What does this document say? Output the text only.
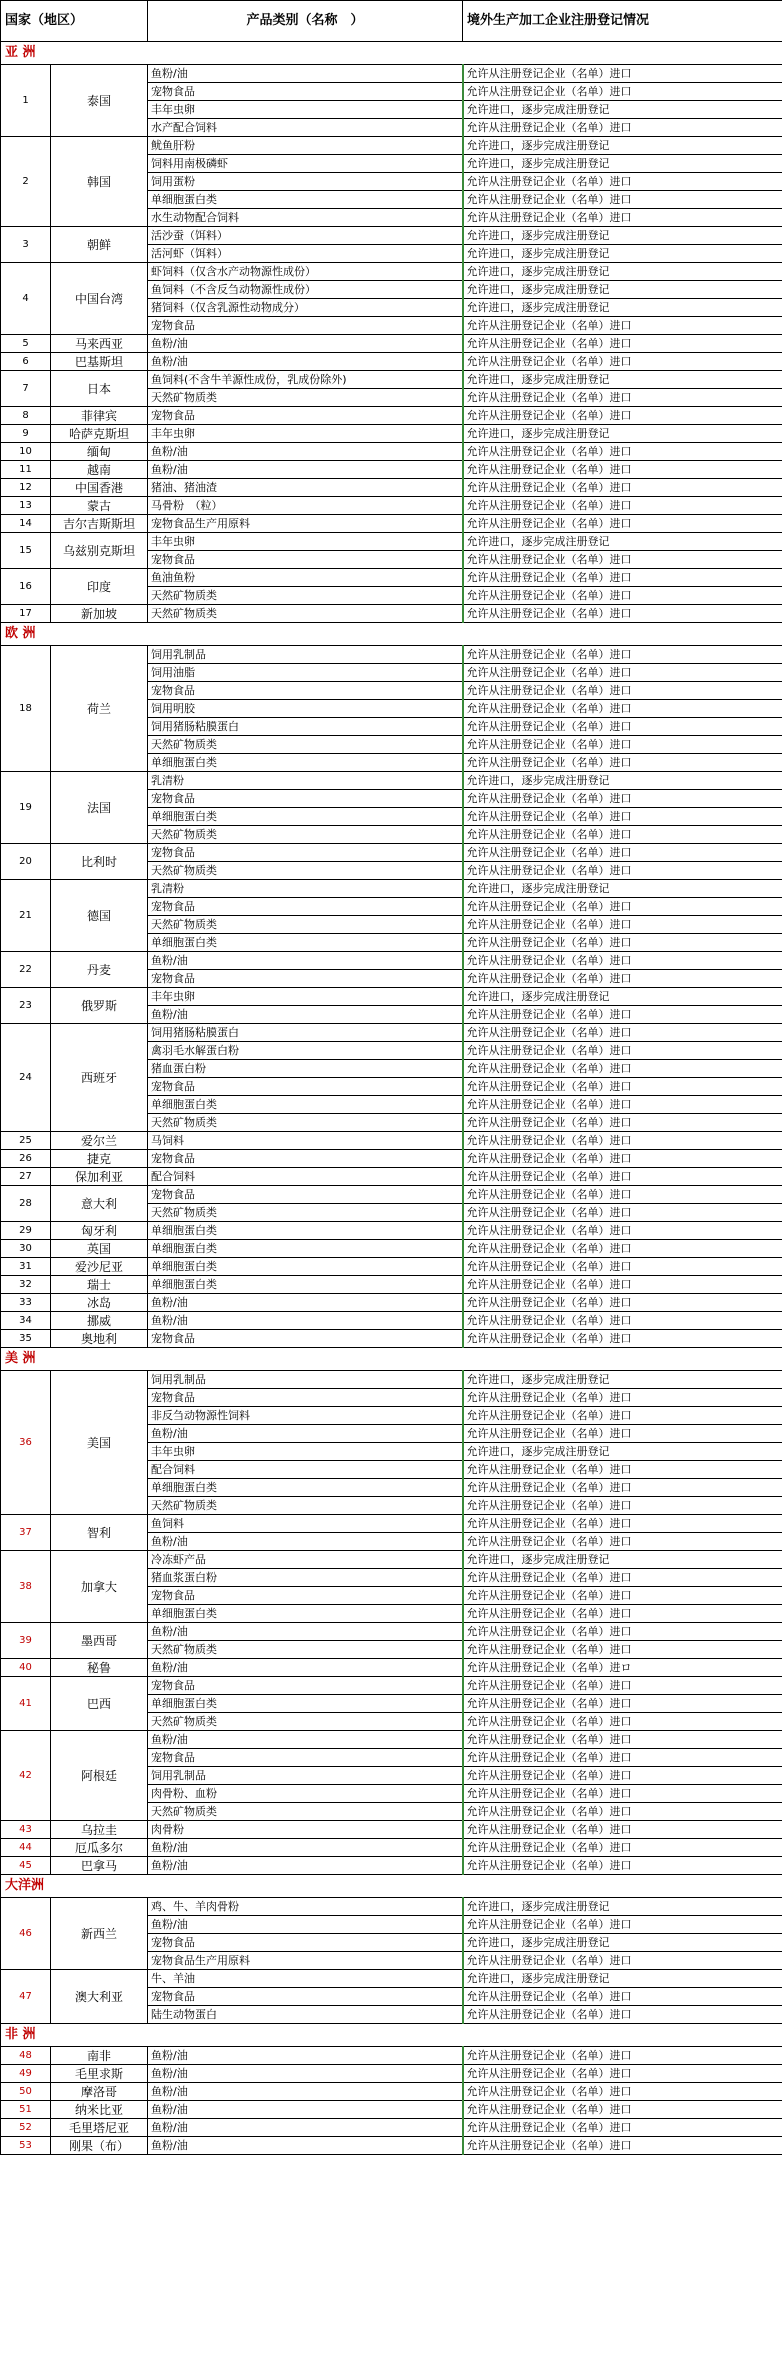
国家（地区）		产品类别（名称　）	境外生产加工企业注册登记情况
亚 洲			
1	泰国	鱼粉/油	允许从注册登记企业（名单）进口
		宠物食品	允许从注册登记企业（名单）进口
		丰年虫卵	允许进口，逐步完成注册登记
		水产配合饲料	允许从注册登记企业（名单）进口
2	韩国	鱿鱼肝粉	允许进口，逐步完成注册登记
		饲料用南极磷虾	允许进口，逐步完成注册登记
		饲用蛋粉	允许从注册登记企业（名单）进口
		单细胞蛋白类	允许从注册登记企业（名单）进口
		水生动物配合饲料	允许从注册登记企业（名单）进口
3	朝鲜	活沙蚕（饵料）	允许进口，逐步完成注册登记
		活河虾（饵料）	允许进口，逐步完成注册登记
4	中国台湾	虾饲料（仅含水产动物源性成份）	允许进口，逐步完成注册登记
		鱼饲料（不含反刍动物源性成份）	允许进口，逐步完成注册登记
		猪饲料（仅含乳源性动物成分）	允许进口，逐步完成注册登记
		宠物食品	允许从注册登记企业（名单）进口
5	马来西亚	鱼粉/油	允许从注册登记企业（名单）进口
6	巴基斯坦	鱼粉/油	允许从注册登记企业（名单）进口
7	日本	鱼饲料(不含牛羊源性成份，乳成份除外)	允许进口，逐步完成注册登记
		天然矿物质类	允许从注册登记企业（名单）进口
8	菲律宾	宠物食品	允许从注册登记企业（名单）进口
9	哈萨克斯坦	丰年虫卵	允许进口，逐步完成注册登记
10	缅甸	鱼粉/油	允许从注册登记企业（名单）进口
11	越南	鱼粉/油	允许从注册登记企业（名单）进口
12	中国香港	猪油、猪油渣	允许从注册登记企业（名单）进口
13	蒙古	马骨粉　（粒）	允许从注册登记企业（名单）进口
14	吉尔吉斯斯坦	宠物食品生产用原料	允许从注册登记企业（名单）进口
15	乌兹别克斯坦	丰年虫卵	允许进口，逐步完成注册登记
		宠物食品	允许从注册登记企业（名单）进口
16	印度	鱼油鱼粉	允许从注册登记企业（名单）进口
		天然矿物质类	允许从注册登记企业（名单）进口
17	新加坡	天然矿物质类	允许从注册登记企业（名单）进口
欧 洲			
18	荷兰	饲用乳制品	允许从注册登记企业（名单）进口
		饲用油脂	允许从注册登记企业（名单）进口
		宠物食品	允许从注册登记企业（名单）进口
		饲用明胶	允许从注册登记企业（名单）进口
		饲用猪肠粘膜蛋白	允许从注册登记企业（名单）进口
		天然矿物质类	允许从注册登记企业（名单）进口
		单细胞蛋白类	允许从注册登记企业（名单）进口
19	法国	乳清粉	允许进口，逐步完成注册登记
		宠物食品	允许从注册登记企业（名单）进口
		单细胞蛋白类	允许从注册登记企业（名单）进口
		天然矿物质类	允许从注册登记企业（名单）进口
20	比利时	宠物食品	允许从注册登记企业（名单）进口
		天然矿物质类	允许从注册登记企业（名单）进口
21	德国	乳清粉	允许进口，逐步完成注册登记
		宠物食品	允许从注册登记企业（名单）进口
		天然矿物质类	允许从注册登记企业（名单）进口
		单细胞蛋白类	允许从注册登记企业（名单）进口
22	丹麦	鱼粉/油	允许从注册登记企业（名单）进口
		宠物食品	允许从注册登记企业（名单）进口
23	俄罗斯	丰年虫卵	允许进口，逐步完成注册登记
		鱼粉/油	允许从注册登记企业（名单）进口
24	西班牙	饲用猪肠粘膜蛋白	允许从注册登记企业（名单）进口
		禽羽毛水解蛋白粉	允许从注册登记企业（名单）进口
		猪血蛋白粉	允许从注册登记企业（名单）进口
		宠物食品	允许从注册登记企业（名单）进口
		单细胞蛋白类	允许从注册登记企业（名单）进口
		天然矿物质类	允许从注册登记企业（名单）进口
25	爱尔兰	马饲料	允许从注册登记企业（名单）进口
26	捷克	宠物食品	允许从注册登记企业（名单）进口
27	保加利亚	配合饲料	允许从注册登记企业（名单）进口
28	意大利	宠物食品	允许从注册登记企业（名单）进口
		天然矿物质类	允许从注册登记企业（名单）进口
29	匈牙利	单细胞蛋白类	允许从注册登记企业（名单）进口
30	英国	单细胞蛋白类	允许从注册登记企业（名单）进口
31	爱沙尼亚	单细胞蛋白类	允许从注册登记企业（名单）进口
32	瑞士	单细胞蛋白类	允许从注册登记企业（名单）进口
33	冰岛	鱼粉/油	允许从注册登记企业（名单）进口
34	挪威	鱼粉/油	允许从注册登记企业（名单）进口
35	奥地利	宠物食品	允许从注册登记企业（名单）进口
美 洲			
36	美国	饲用乳制品	允许进口，逐步完成注册登记
		宠物食品	允许从注册登记企业（名单）进口
		非反刍动物源性饲料	允许从注册登记企业（名单）进口
		鱼粉/油	允许从注册登记企业（名单）进口
		丰年虫卵	允许进口，逐步完成注册登记
		配合饲料	允许从注册登记企业（名单）进口
		单细胞蛋白类	允许从注册登记企业（名单）进口
		天然矿物质类	允许从注册登记企业（名单）进口
37	智利	鱼饲料	允许从注册登记企业（名单）进口
		鱼粉/油	允许从注册登记企业（名单）进口
38	加拿大	冷冻虾产品	允许进口，逐步完成注册登记
		猪血浆蛋白粉	允许从注册登记企业（名单）进口
		宠物食品	允许从注册登记企业（名单）进口
		单细胞蛋白类	允许从注册登记企业（名单）进口
39	墨西哥	鱼粉/油	允许从注册登记企业（名单）进口
		天然矿物质类	允许从注册登记企业（名单）进口
40	秘鲁	鱼粉/油	允许从注册登记企业（名单）进ロ
41	巴西	宠物食品	允许从注册登记企业（名单）进口
		单细胞蛋白类	允许从注册登记企业（名单）进口
		天然矿物质类	允许从注册登记企业（名单）进口
42	阿根廷	鱼粉/油	允许从注册登记企业（名单）进口
		宠物食品	允许从注册登记企业（名单）进口
		饲用乳制品	允许从注册登记企业（名单）进口
		肉骨粉、血粉	允许从注册登记企业（名单）进口
		天然矿物质类	允许从注册登记企业（名单）进口
43	乌拉圭	肉骨粉	允许从注册登记企业（名单）进口
44	厄瓜多尔	鱼粉/油	允许从注册登记企业（名单）进口
45	巴拿马	鱼粉/油	允许从注册登记企业（名单）进口
大洋洲			
46	新西兰	鸡、牛、羊肉骨粉	允许进口，逐步完成注册登记
		鱼粉/油	允许从注册登记企业（名单）进口
		宠物食品	允许进口，逐步完成注册登记
		宠物食品生产用原料	允许从注册登记企业（名单）进口
47	澳大利亚	牛、羊油	允许进口，逐步完成注册登记
		宠物食品	允许从注册登记企业（名单）进口
		陆生动物蛋白	允许从注册登记企业（名单）进口
非 洲			
48	南非	鱼粉/油	允许从注册登记企业（名单）进口
49	毛里求斯	鱼粉/油	允许从注册登记企业（名单）进口
50	摩洛哥	鱼粉/油	允许从注册登记企业（名单）进口
51	纳米比亚	鱼粉/油	允许从注册登记企业（名单）进口
52	毛里塔尼亚	鱼粉/油	允许从注册登记企业（名单）进口
53	刚果（布）	鱼粉/油	允许从注册登记企业（名单）进口
